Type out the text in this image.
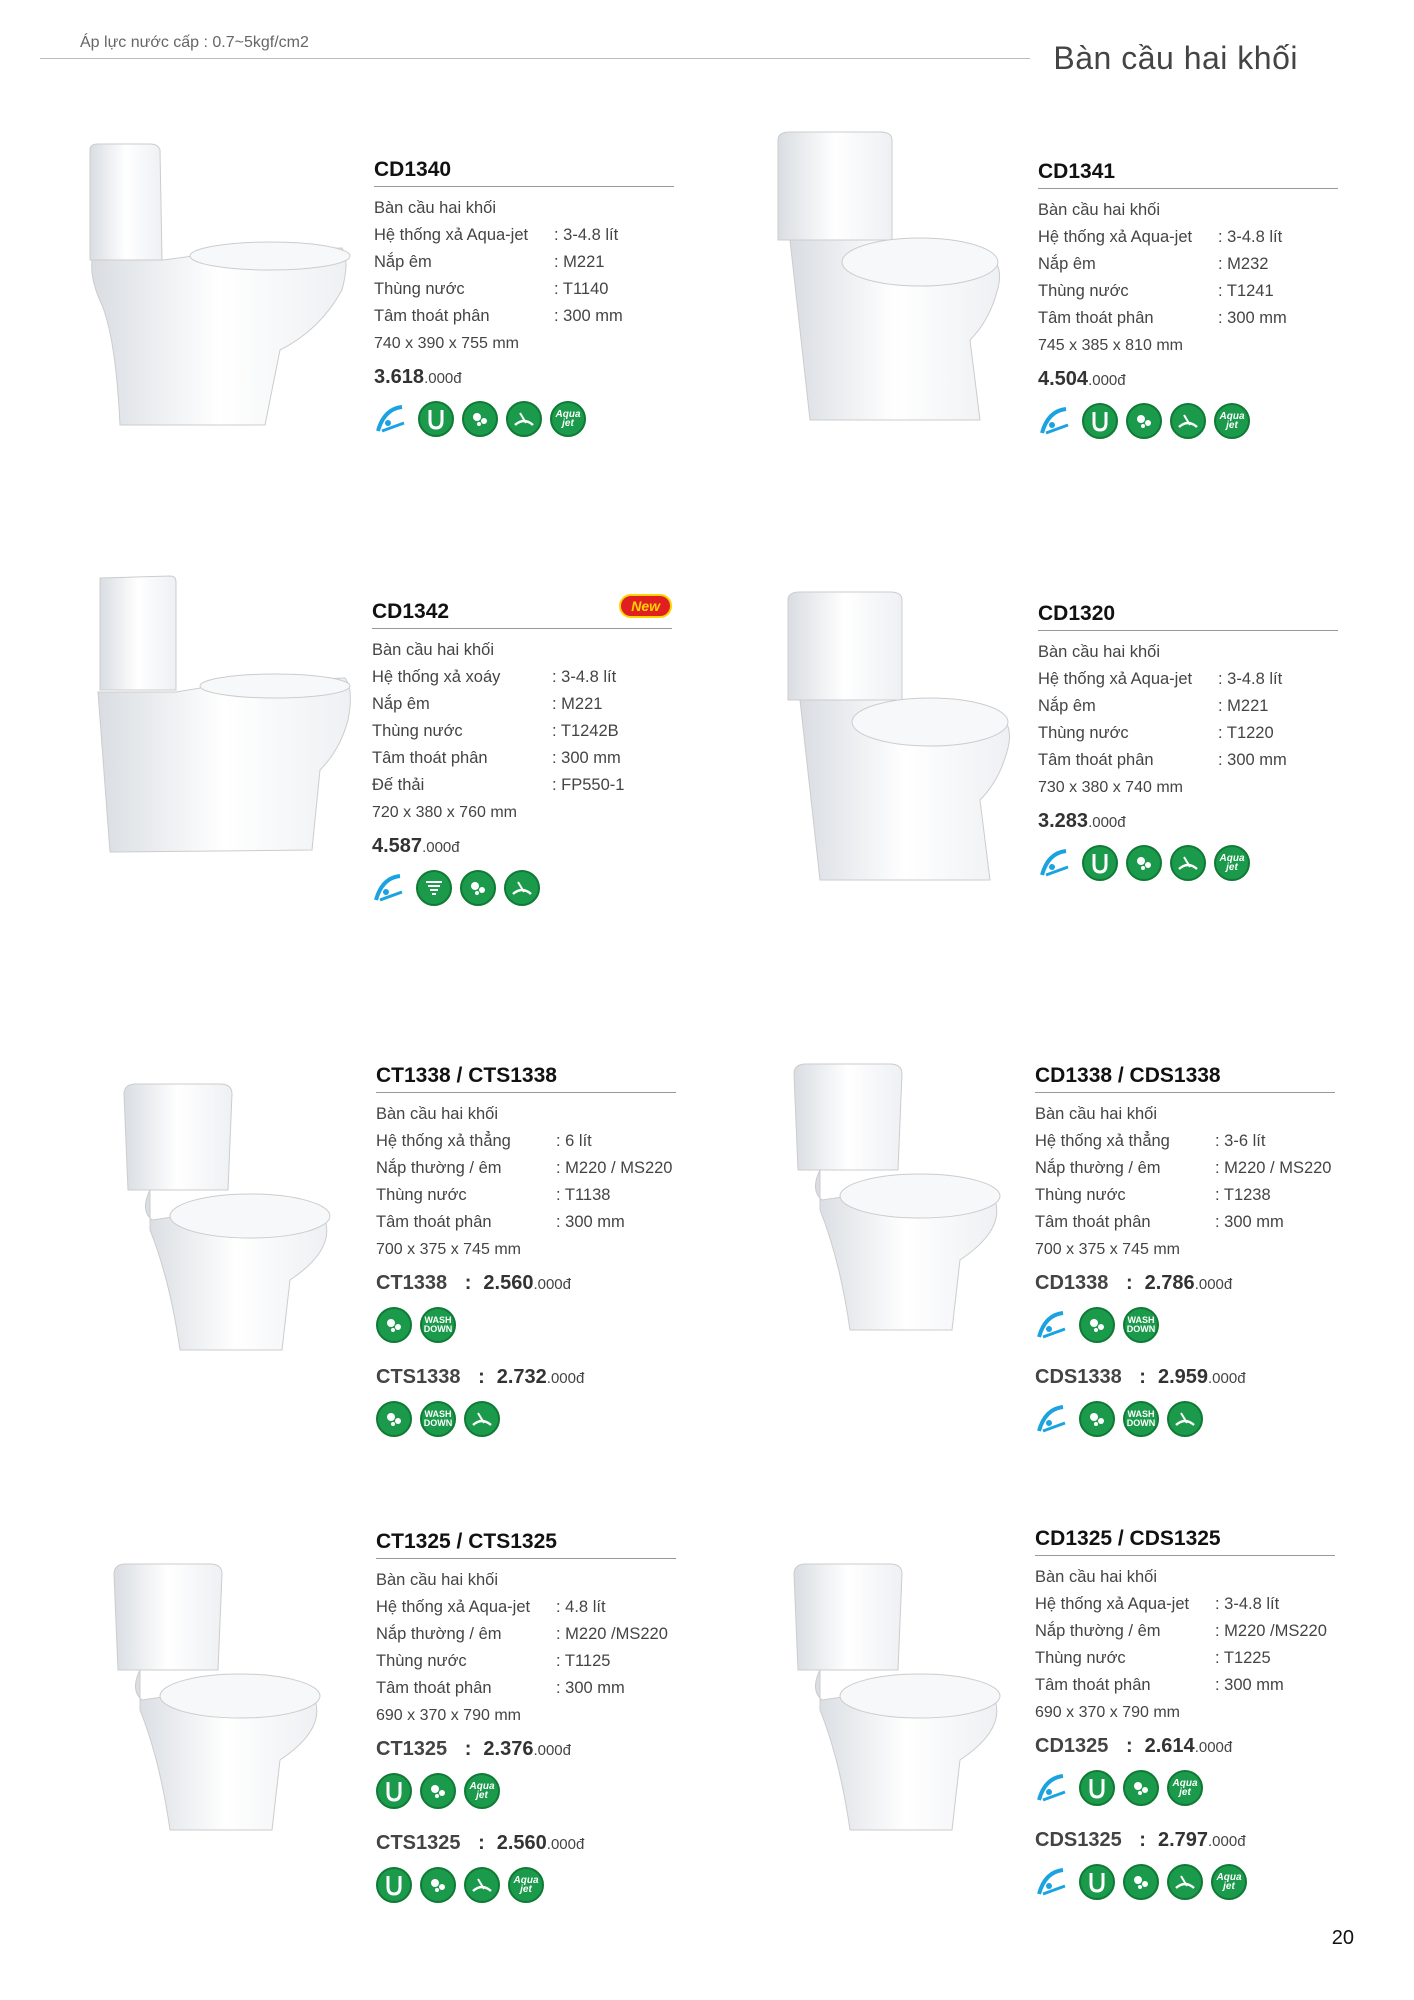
Áp lực nước cấp : 0.7~5kgf/cm2	Bàn cầu hai khối
CD1340
Bàn cầu hai khối
Hệ thống xả Aqua-jet	: 3-4.8 lít
Nắp êm	: M221
Thùng nước	: T1140
Tâm thoát phân	: 300 mm
740 x 390 x 755 mm
3.618.000đ
Aqua jet
CD1341
Bàn cầu hai khối
Hệ thống xả Aqua-jet	: 3-4.8 lít
Nắp êm	: M232
Thùng nước	: T1241
Tâm thoát phân	: 300 mm
745 x 385 x 810 mm
4.504.000đ
Aqua jet
CD1342	New
Bàn cầu hai khối
Hệ thống xả xoáy	: 3-4.8 lít
Nắp êm	: M221
Thùng nước	: T1242B
Tâm thoát phân	: 300 mm
Đế thải	: FP550-1
720 x 380 x 760 mm
4.587.000đ
CD1320
Bàn cầu hai khối
Hệ thống xả Aqua-jet	: 3-4.8 lít
Nắp êm	: M221
Thùng nước	: T1220
Tâm thoát phân	: 300 mm
730 x 380 x 740 mm
3.283.000đ
Aqua jet
CT1338 / CTS1338
Bàn cầu hai khối
Hệ thống xả thẳng	: 6 lít
Nắp thường / êm	: M220 / MS220
Thùng nước	: T1138
Tâm thoát phân	: 300 mm
700 x 375 x 745 mm
CT1338 : 2.560.000đ
WASH DOWN
CTS1338 : 2.732.000đ
WASH DOWN
CD1338 / CDS1338
Bàn cầu hai khối
Hệ thống xả thẳng	: 3-6 lít
Nắp thường / êm	: M220 / MS220
Thùng nước	: T1238
Tâm thoát phân	: 300 mm
700 x 375 x 745 mm
CD1338 : 2.786.000đ
WASH DOWN
CDS1338 : 2.959.000đ
WASH DOWN
CT1325 / CTS1325
Bàn cầu hai khối
Hệ thống xả Aqua-jet	: 4.8 lít
Nắp thường / êm	: M220 /MS220
Thùng nước	: T1125
Tâm thoát phân	: 300 mm
690 x 370 x 790 mm
CT1325 : 2.376.000đ
Aqua jet
CTS1325 : 2.560.000đ
Aqua jet
CD1325 / CDS1325
Bàn cầu hai khối
Hệ thống xả Aqua-jet	: 3-4.8 lít
Nắp thường / êm	: M220 /MS220
Thùng nước	: T1225
Tâm thoát phân	: 300 mm
690 x 370 x 790 mm
CD1325 : 2.614.000đ
Aqua jet
CDS1325 : 2.797.000đ
Aqua jet
20
